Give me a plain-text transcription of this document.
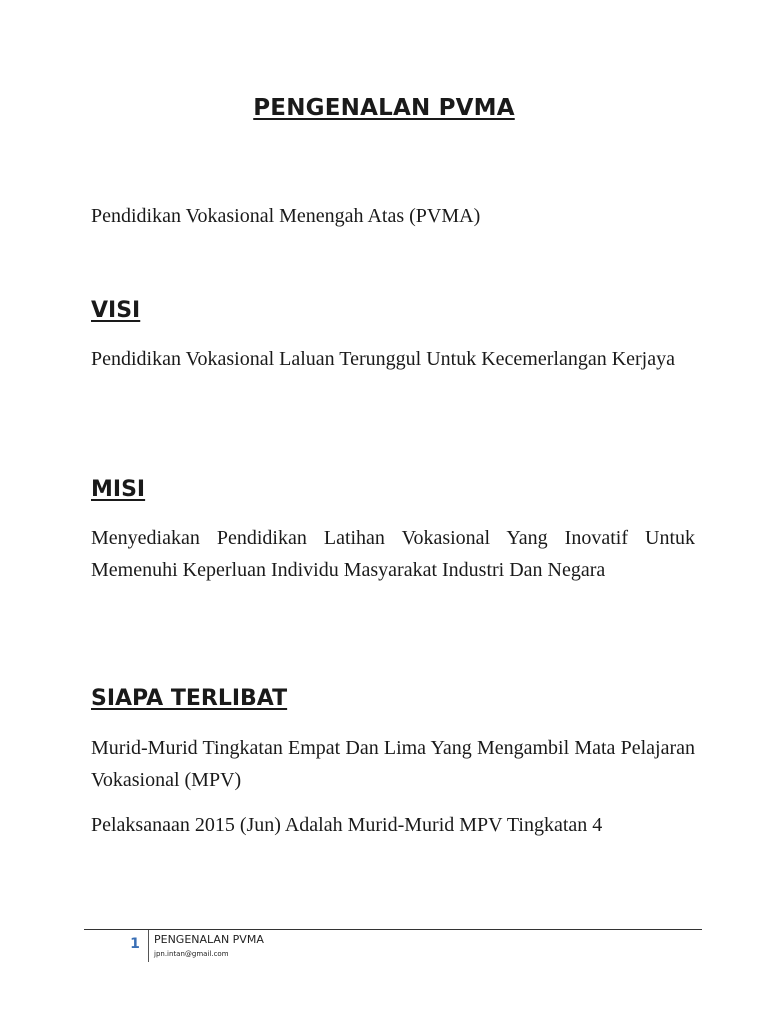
PENGENALAN PVMA
Pendidikan Vokasional Menengah Atas (PVMA)
VISI
Pendidikan Vokasional Laluan Terunggul Untuk Kecemerlangan Kerjaya
MISI
Menyediakan Pendidikan Latihan Vokasional Yang Inovatif Untuk Memenuhi Keperluan Individu Masyarakat Industri Dan Negara
SIAPA TERLIBAT
Murid-Murid Tingkatan Empat Dan Lima Yang Mengambil Mata Pelajaran Vokasional (MPV)
Pelaksanaan 2015 (Jun) Adalah Murid-Murid MPV Tingkatan 4
1	PENGENALAN PVMA
jpn.intan@gmail.com
